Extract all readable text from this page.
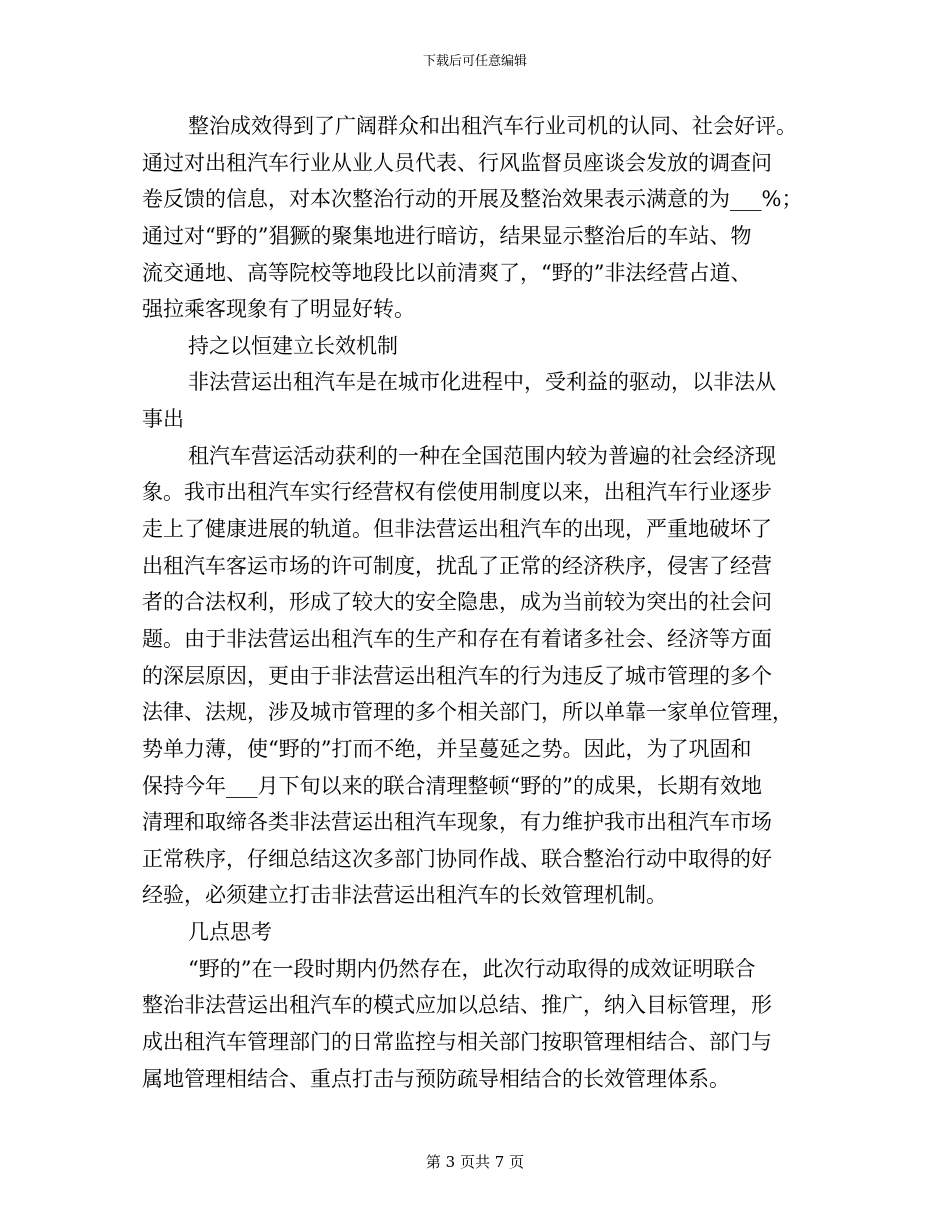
下载后可任意编辑
整治成效得到了广阔群众和出租汽车行业司机的认同、社会好评。
通过对出租汽车行业从业人员代表、行风监督员座谈会发放的调查问
卷反馈的信息，对本次整治行动的开展及整治效果表示满意的为___%；
通过对“野的”猖獗的聚集地进行暗访，结果显示整治后的车站、物
流交通地、高等院校等地段比以前清爽了，“野的”非法经营占道、
强拉乘客现象有了明显好转。
持之以恒建立长效机制
非法营运出租汽车是在城市化进程中，受利益的驱动，以非法从
事出
租汽车营运活动获利的一种在全国范围内较为普遍的社会经济现
象。我市出租汽车实行经营权有偿使用制度以来，出租汽车行业逐步
走上了健康进展的轨道。但非法营运出租汽车的出现，严重地破坏了
出租汽车客运市场的许可制度，扰乱了正常的经济秩序，侵害了经营
者的合法权利，形成了较大的安全隐患，成为当前较为突出的社会问
题。由于非法营运出租汽车的生产和存在有着诸多社会、经济等方面
的深层原因，更由于非法营运出租汽车的行为违反了城市管理的多个
法律、法规，涉及城市管理的多个相关部门，所以单靠一家单位管理，
势单力薄，使“野的”打而不绝，并呈蔓延之势。因此，为了巩固和
保持今年___月下旬以来的联合清理整顿“野的”的成果，长期有效地
清理和取缔各类非法营运出租汽车现象，有力维护我市出租汽车市场
正常秩序，仔细总结这次多部门协同作战、联合整治行动中取得的好
经验，必须建立打击非法营运出租汽车的长效管理机制。
几点思考
“野的”在一段时期内仍然存在，此次行动取得的成效证明联合
整治非法营运出租汽车的模式应加以总结、推广，纳入目标管理，形
成出租汽车管理部门的日常监控与相关部门按职管理相结合、部门与
属地管理相结合、重点打击与预防疏导相结合的长效管理体系。
第 3 页共 7 页
